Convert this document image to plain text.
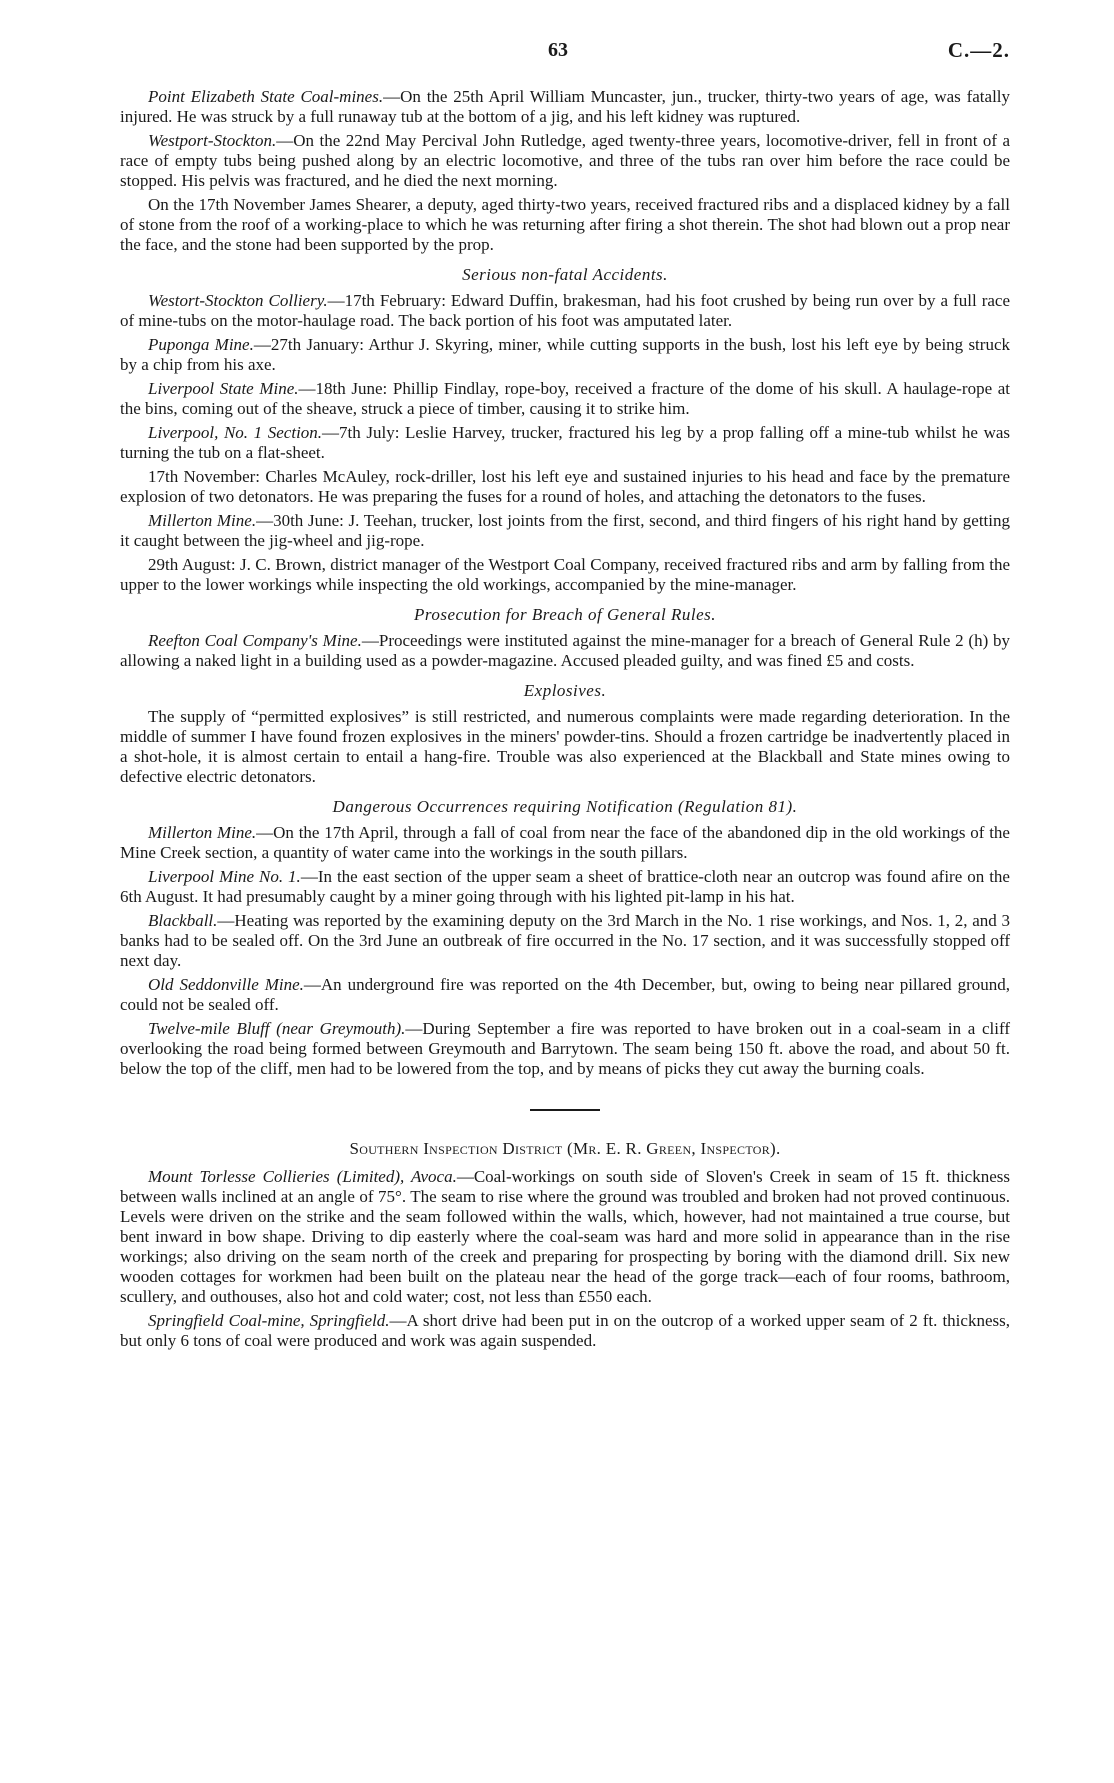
63	C.—2.

Point Elizabeth State Coal-mines.—On the 25th April William Muncaster, jun., trucker, thirty-two years of age, was fatally injured. He was struck by a full runaway tub at the bottom of a jig, and his left kidney was ruptured.

Westport-Stockton.—On the 22nd May Percival John Rutledge, aged twenty-three years, locomotive-driver, fell in front of a race of empty tubs being pushed along by an electric locomotive, and three of the tubs ran over him before the race could be stopped. His pelvis was fractured, and he died the next morning.

On the 17th November James Shearer, a deputy, aged thirty-two years, received fractured ribs and a displaced kidney by a fall of stone from the roof of a working-place to which he was returning after firing a shot therein. The shot had blown out a prop near the face, and the stone had been supported by the prop.

Serious non-fatal Accidents.

Westort-Stockton Colliery.—17th February: Edward Duffin, brakesman, had his foot crushed by being run over by a full race of mine-tubs on the motor-haulage road. The back portion of his foot was amputated later.

Puponga Mine.—27th January: Arthur J. Skyring, miner, while cutting supports in the bush, lost his left eye by being struck by a chip from his axe.

Liverpool State Mine.—18th June: Phillip Findlay, rope-boy, received a fracture of the dome of his skull. A haulage-rope at the bins, coming out of the sheave, struck a piece of timber, causing it to strike him.

Liverpool, No. 1 Section.—7th July: Leslie Harvey, trucker, fractured his leg by a prop falling off a mine-tub whilst he was turning the tub on a flat-sheet.

17th November: Charles McAuley, rock-driller, lost his left eye and sustained injuries to his head and face by the premature explosion of two detonators. He was preparing the fuses for a round of holes, and attaching the detonators to the fuses.

Millerton Mine.—30th June: J. Teehan, trucker, lost joints from the first, second, and third fingers of his right hand by getting it caught between the jig-wheel and jig-rope.

29th August: J. C. Brown, district manager of the Westport Coal Company, received fractured ribs and arm by falling from the upper to the lower workings while inspecting the old workings, accompanied by the mine-manager.

Prosecution for Breach of General Rules.

Reefton Coal Company's Mine.—Proceedings were instituted against the mine-manager for a breach of General Rule 2 (h) by allowing a naked light in a building used as a powder-magazine. Accused pleaded guilty, and was fined £5 and costs.

Explosives.

The supply of “permitted explosives” is still restricted, and numerous complaints were made regarding deterioration. In the middle of summer I have found frozen explosives in the miners' powder-tins. Should a frozen cartridge be inadvertently placed in a shot-hole, it is almost certain to entail a hang-fire. Trouble was also experienced at the Blackball and State mines owing to defective electric detonators.

Dangerous Occurrences requiring Notification (Regulation 81).

Millerton Mine.—On the 17th April, through a fall of coal from near the face of the abandoned dip in the old workings of the Mine Creek section, a quantity of water came into the workings in the south pillars.

Liverpool Mine No. 1.—In the east section of the upper seam a sheet of brattice-cloth near an outcrop was found afire on the 6th August. It had presumably caught by a miner going through with his lighted pit-lamp in his hat.

Blackball.—Heating was reported by the examining deputy on the 3rd March in the No. 1 rise workings, and Nos. 1, 2, and 3 banks had to be sealed off. On the 3rd June an outbreak of fire occurred in the No. 17 section, and it was successfully stopped off next day.

Old Seddonville Mine.—An underground fire was reported on the 4th December, but, owing to being near pillared ground, could not be sealed off.

Twelve-mile Bluff (near Greymouth).—During September a fire was reported to have broken out in a coal-seam in a cliff overlooking the road being formed between Greymouth and Barrytown. The seam being 150 ft. above the road, and about 50 ft. below the top of the cliff, men had to be lowered from the top, and by means of picks they cut away the burning coals.

Southern Inspection District (Mr. E. R. Green, Inspector).

Mount Torlesse Collieries (Limited), Avoca.—Coal-workings on south side of Sloven's Creek in seam of 15 ft. thickness between walls inclined at an angle of 75°. The seam to rise where the ground was troubled and broken had not proved continuous. Levels were driven on the strike and the seam followed within the walls, which, however, had not maintained a true course, but bent inward in bow shape. Driving to dip easterly where the coal-seam was hard and more solid in appearance than in the rise workings; also driving on the seam north of the creek and preparing for prospecting by boring with the diamond drill. Six new wooden cottages for workmen had been built on the plateau near the head of the gorge track—each of four rooms, bathroom, scullery, and outhouses, also hot and cold water; cost, not less than £550 each.

Springfield Coal-mine, Springfield.—A short drive had been put in on the outcrop of a worked upper seam of 2 ft. thickness, but only 6 tons of coal were produced and work was again suspended.
